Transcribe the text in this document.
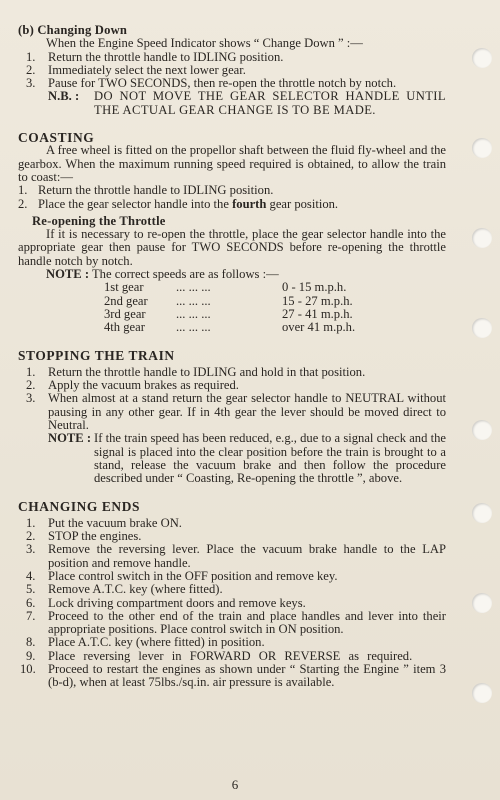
(b) Changing Down
When the Engine Speed Indicator shows “ Change Down ” :—
1. Return the throttle handle to IDLING position.
2. Immediately select the next lower gear.
3. Pause for TWO SECONDS, then re-open the throttle notch by notch.
N.B. :	DO NOT MOVE THE GEAR SELECTOR HANDLE UNTIL THE ACTUAL GEAR CHANGE IS TO BE MADE.
COASTING
A free wheel is fitted on the propellor shaft between the fluid fly-wheel and the gearbox. When the maximum running speed required is obtained, to allow the train to coast:—
1. Return the throttle handle to IDLING position.
2. Place the gear selector handle into the fourth gear position.
Re-opening the Throttle
If it is necessary to re-open the throttle, place the gear selector handle into the appropriate gear then pause for TWO SECONDS before re-opening the throttle handle notch by notch.
NOTE : The correct speeds are as follows :—
1st gear	... ... ...	0 - 15 m.p.h.
2nd gear	... ... ...	15 - 27 m.p.h.
3rd gear	... ... ...	27 - 41 m.p.h.
4th gear	... ... ...	over 41 m.p.h.
STOPPING THE TRAIN
1. Return the throttle handle to IDLING and hold in that position.
2. Apply the vacuum brakes as required.
3. When almost at a stand return the gear selector handle to NEUTRAL without pausing in any other gear. If in 4th gear the lever should be moved direct to Neutral.
NOTE : If the train speed has been reduced, e.g., due to a signal check and the signal is placed into the clear position before the train is brought to a stand, release the vacuum brake and then follow the procedure described under “ Coasting, Re-opening the throttle ”, above.
CHANGING ENDS
1. Put the vacuum brake ON.
2. STOP the engines.
3. Remove the reversing lever. Place the vacuum brake handle to the LAP position and remove handle.
4. Place control switch in the OFF position and remove key.
5. Remove A.T.C. key (where fitted).
6. Lock driving compartment doors and remove keys.
7. Proceed to the other end of the train and place handles and lever into their appropriate positions. Place control switch in ON position.
8. Place A.T.C. key (where fitted) in position.
9. Place reversing lever in FORWARD OR REVERSE as required.
10. Proceed to restart the engines as shown under “ Starting the Engine ” item 3 (b-d), when at least 75lbs./sq.in. air pressure is available.
6
